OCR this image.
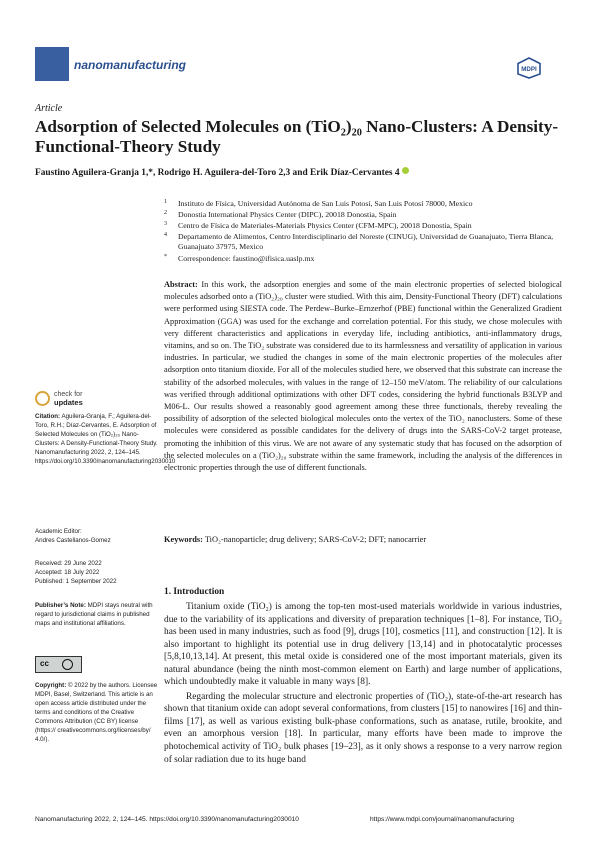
nanomanufacturing	MDPI
Article
Adsorption of Selected Molecules on (TiO₂)₂₀ Nano-Clusters: A Density-Functional-Theory Study
Faustino Aguilera-Granja 1,*, Rodrigo H. Aguilera-del-Toro 2,3 and Erik Díaz-Cervantes 4
1 Instituto de Física, Universidad Autónoma de San Luis Potosí, San Luis Potosí 78000, Mexico
2 Donostia International Physics Center (DIPC), 20018 Donostia, Spain
3 Centro de Física de Materiales-Materials Physics Center (CFM-MPC), 20018 Donostia, Spain
4 Departamento de Alimentos, Centro Interdisciplinario del Noreste (CINUG), Universidad de Guanajuato, Tierra Blanca, Guanajuato 37975, Mexico
* Correspondence: faustino@ifisica.uaslp.mx
Abstract: In this work, the adsorption energies and some of the main electronic properties of selected biological molecules adsorbed onto a (TiO₂)₂₀ cluster were studied. With this aim, Density-Functional Theory (DFT) calculations were performed using SIESTA code. The Perdew–Burke–Ernzerhof (PBE) functional within the Generalized Gradient Approximation (GGA) was used for the exchange and correlation potential. For this study, we chose molecules with very different characteristics and applications in everyday life, including antibiotics, anti-inflammatory drugs, vitamins, and so on. The TiO₂ substrate was considered due to its harmlessness and versatility of application in various industries. In particular, we studied the changes in some of the main electronic properties of the molecules after adsorption onto titanium dioxide. For all of the molecules studied here, we observed that this substrate can increase the stability of the adsorbed molecules, with values in the range of 12–150 meV/atom. The reliability of our calculations was verified through additional optimizations with other DFT codes, considering the hybrid functionals B3LYP and M06-L. Our results showed a reasonably good agreement among these three functionals, thereby revealing the possibility of adsorption of the selected biological molecules onto the vertex of the TiO₂ nanoclusters. Some of these molecules were considered as possible candidates for the delivery of drugs into the SARS-CoV-2 target protease, promoting the inhibition of this virus. We are not aware of any systematic study that has focused on the adsorption of the selected molecules on a (TiO₂)₂₀ substrate within the same framework, including the analysis of the differences in electronic properties through the use of different functionals.
Keywords: TiO₂-nanoparticle; drug delivery; SARS-CoV-2; DFT; nanocarrier
check for
updates
Citation: Aguilera-Granja, F.; Aguilera-del-Toro, R.H.; Díaz-Cervantes, E. Adsorption of Selected Molecules on (TiO₂)₂₀ Nano-Clusters: A Density-Functional-Theory Study. Nanomanufacturing 2022, 2, 124–145. https://doi.org/10.3390/nanomanufacturing2030010
Academic Editor:
Andres Castellanos-Gomez
Received: 29 June 2022
Accepted: 18 July 2022
Published: 1 September 2022
Publisher’s Note: MDPI stays neutral with regard to jurisdictional claims in published maps and institutional affiliations.
cc
Copyright: © 2022 by the authors. Licensee MDPI, Basel, Switzerland. This article is an open access article distributed under the terms and conditions of the Creative Commons Attribution (CC BY) license (https:// creativecommons.org/licenses/by/ 4.0/).
1. Introduction

Titanium oxide (TiO₂) is among the top-ten most-used materials worldwide in various industries, due to the variability of its applications and diversity of preparation techniques [1–8]. For instance, TiO₂ has been used in many industries, such as food [9], drugs [10], cosmetics [11], and construction [12]. It is also important to highlight its potential use in drug delivery [13,14] and in photocatalytic processes [5,8,10,13,14]. At present, this metal oxide is considered one of the most important materials, given its natural abundance (being the ninth most-common element on Earth) and large number of applications, which undoubtedly make it valuable in many ways [8].

Regarding the molecular structure and electronic properties of (TiO₂), state-of-the-art research has shown that titanium oxide can adopt several conformations, from clusters [15] to nanowires [16] and thin-films [17], as well as various existing bulk-phase conformations, such as anatase, rutile, brookite, and even an amorphous version [18]. In particular, many efforts have been made to improve the photochemical activity of TiO₂ bulk phases [19–23], as it only shows a response to a very narrow region of solar radiation due to its huge band

Nanomanufacturing 2022, 2, 124–145. https://doi.org/10.3390/nanomanufacturing2030010	https://www.mdpi.com/journal/nanomanufacturing
